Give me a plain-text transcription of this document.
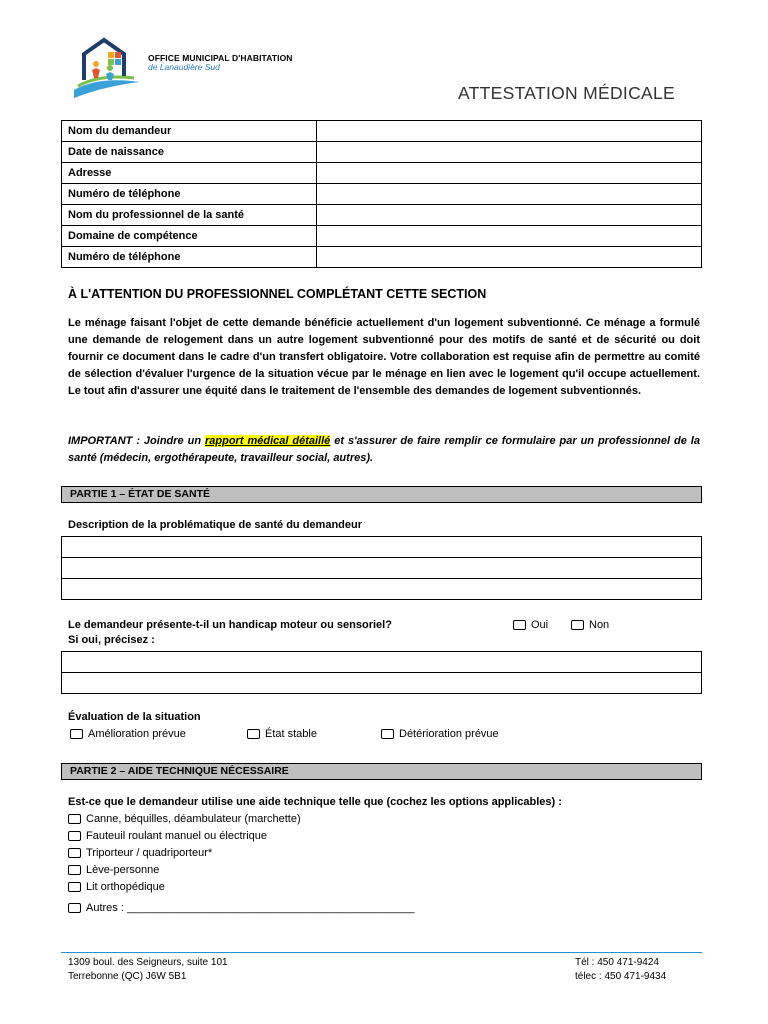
OFFICE MUNICIPAL D'HABITATION
de Lanaudière Sud
ATTESTATION MÉDICALE
Nom du demandeur	
Date de naissance	
Adresse	
Numéro de téléphone	
Nom du professionnel de la santé	
Domaine de compétence	
Numéro de téléphone	
À L'ATTENTION DU PROFESSIONNEL COMPLÉTANT CETTE SECTION
Le ménage faisant l'objet de cette demande bénéficie actuellement d'un logement subventionné. Ce ménage a formulé une demande de relogement dans un autre logement subventionné pour des motifs de santé et de sécurité ou doit fournir ce document dans le cadre d'un transfert obligatoire. Votre collaboration est requise afin de permettre au comité de sélection d'évaluer l'urgence de la situation vécue par le ménage en lien avec le logement qu'il occupe actuellement. Le tout afin d'assurer une équité dans le traitement de l'ensemble des demandes de logement subventionnés.
IMPORTANT : Joindre un rapport médical détaillé et s'assurer de faire remplir ce formulaire par un professionnel de la santé (médecin, ergothérapeute, travailleur social, autres).
PARTIE 1 – ÉTAT DE SANTÉ
Description de la problématique de santé du demandeur

Le demandeur présente-t-il un handicap moteur ou sensoriel?	Oui	Non
Si oui, précisez :

Évaluation de la situation
Amélioration prévue	État stable	Détérioration prévue
PARTIE 2 – AIDE TECHNIQUE NÉCESSAIRE
Est-ce que le demandeur utilise une aide technique telle que (cochez les options applicables) :
Canne, béquilles, déambulateur (marchette)
Fauteuil roulant manuel ou électrique
Triporteur / quadriporteur*
Lève-personne
Lit orthopédique
Autres : _______________________________________________
1309 boul. des Seigneurs, suite 101
Terrebonne (QC) J6W 5B1
Tél : 450 471-9424
télec : 450 471-9434
